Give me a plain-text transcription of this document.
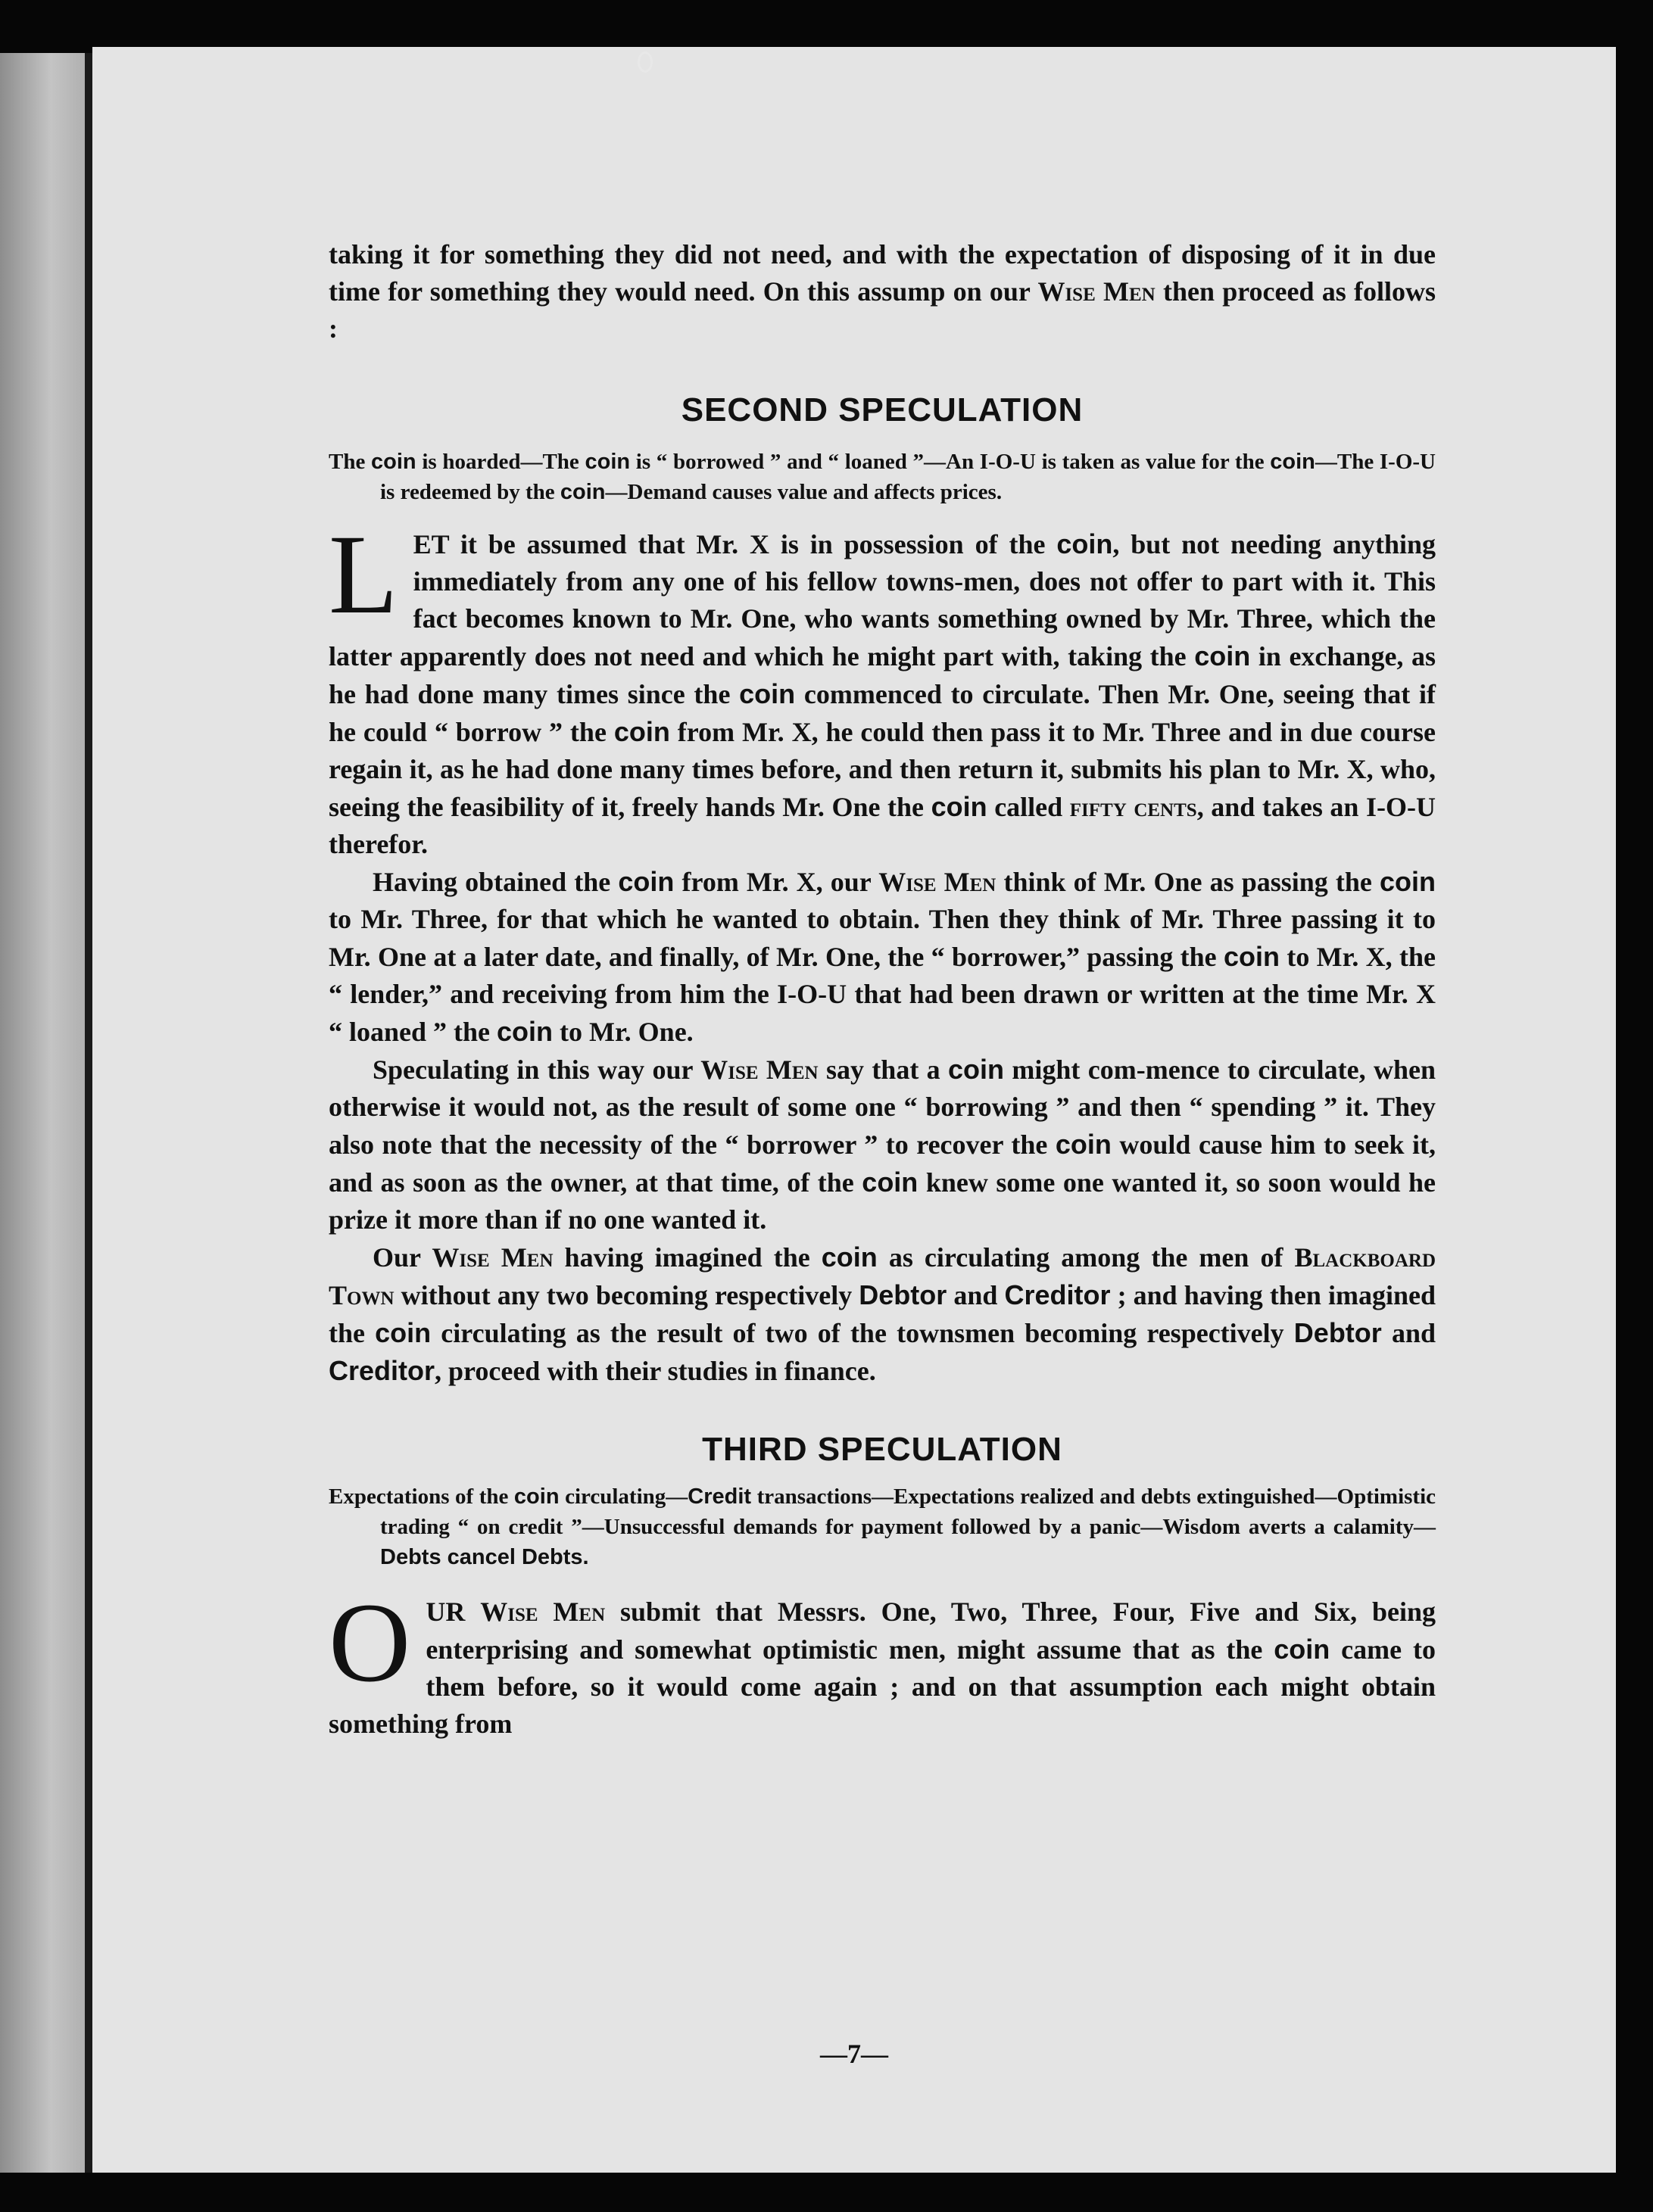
taking it for something they did not need, and with the expectation of disposing of it in due time for something they would need. On this assump on our Wise Men then proceed as follows :

SECOND SPECULATION

The coin is hoarded—The coin is “ borrowed ” and “ loaned ”—An I-O-U is taken as value for the coin—The I-O-U is redeemed by the coin—Demand causes value and affects prices.

LET it be assumed that Mr. X is in possession of the coin, but not needing anything immediately from any one of his fellow towns-men, does not offer to part with it. This fact becomes known to Mr. One, who wants something owned by Mr. Three, which the latter apparently does not need and which he might part with, taking the coin in exchange, as he had done many times since the coin commenced to circulate. Then Mr. One, seeing that if he could “ borrow ” the coin from Mr. X, he could then pass it to Mr. Three and in due course regain it, as he had done many times before, and then return it, submits his plan to Mr. X, who, seeing the feasibility of it, freely hands Mr. One the coin called fifty cents, and takes an I-O-U therefor.

Having obtained the coin from Mr. X, our Wise Men think of Mr. One as passing the coin to Mr. Three, for that which he wanted to obtain. Then they think of Mr. Three passing it to Mr. One at a later date, and finally, of Mr. One, the “ borrower,” passing the coin to Mr. X, the “ lender,” and receiving from him the I-O-U that had been drawn or written at the time Mr. X “ loaned ” the coin to Mr. One.

Speculating in this way our Wise Men say that a coin might com-mence to circulate, when otherwise it would not, as the result of some one “ borrowing ” and then “ spending ” it. They also note that the necessity of the “ borrower ” to recover the coin would cause him to seek it, and as soon as the owner, at that time, of the coin knew some one wanted it, so soon would he prize it more than if no one wanted it.

Our Wise Men having imagined the coin as circulating among the men of Blackboard Town without any two becoming respectively Debtor and Creditor ; and having then imagined the coin circulating as the result of two of the townsmen becoming respectively Debtor and Creditor, proceed with their studies in finance.

THIRD SPECULATION

Expectations of the coin circulating—Credit transactions—Expectations realized and debts extinguished—Optimistic trading “ on credit ”—Unsuccessful demands for payment followed by a panic—Wisdom averts a calamity—Debts cancel Debts.

OUR Wise Men submit that Messrs. One, Two, Three, Four, Five and Six, being enterprising and somewhat optimistic men, might assume that as the coin came to them before, so it would come again ; and on that assumption each might obtain something from

—7—
